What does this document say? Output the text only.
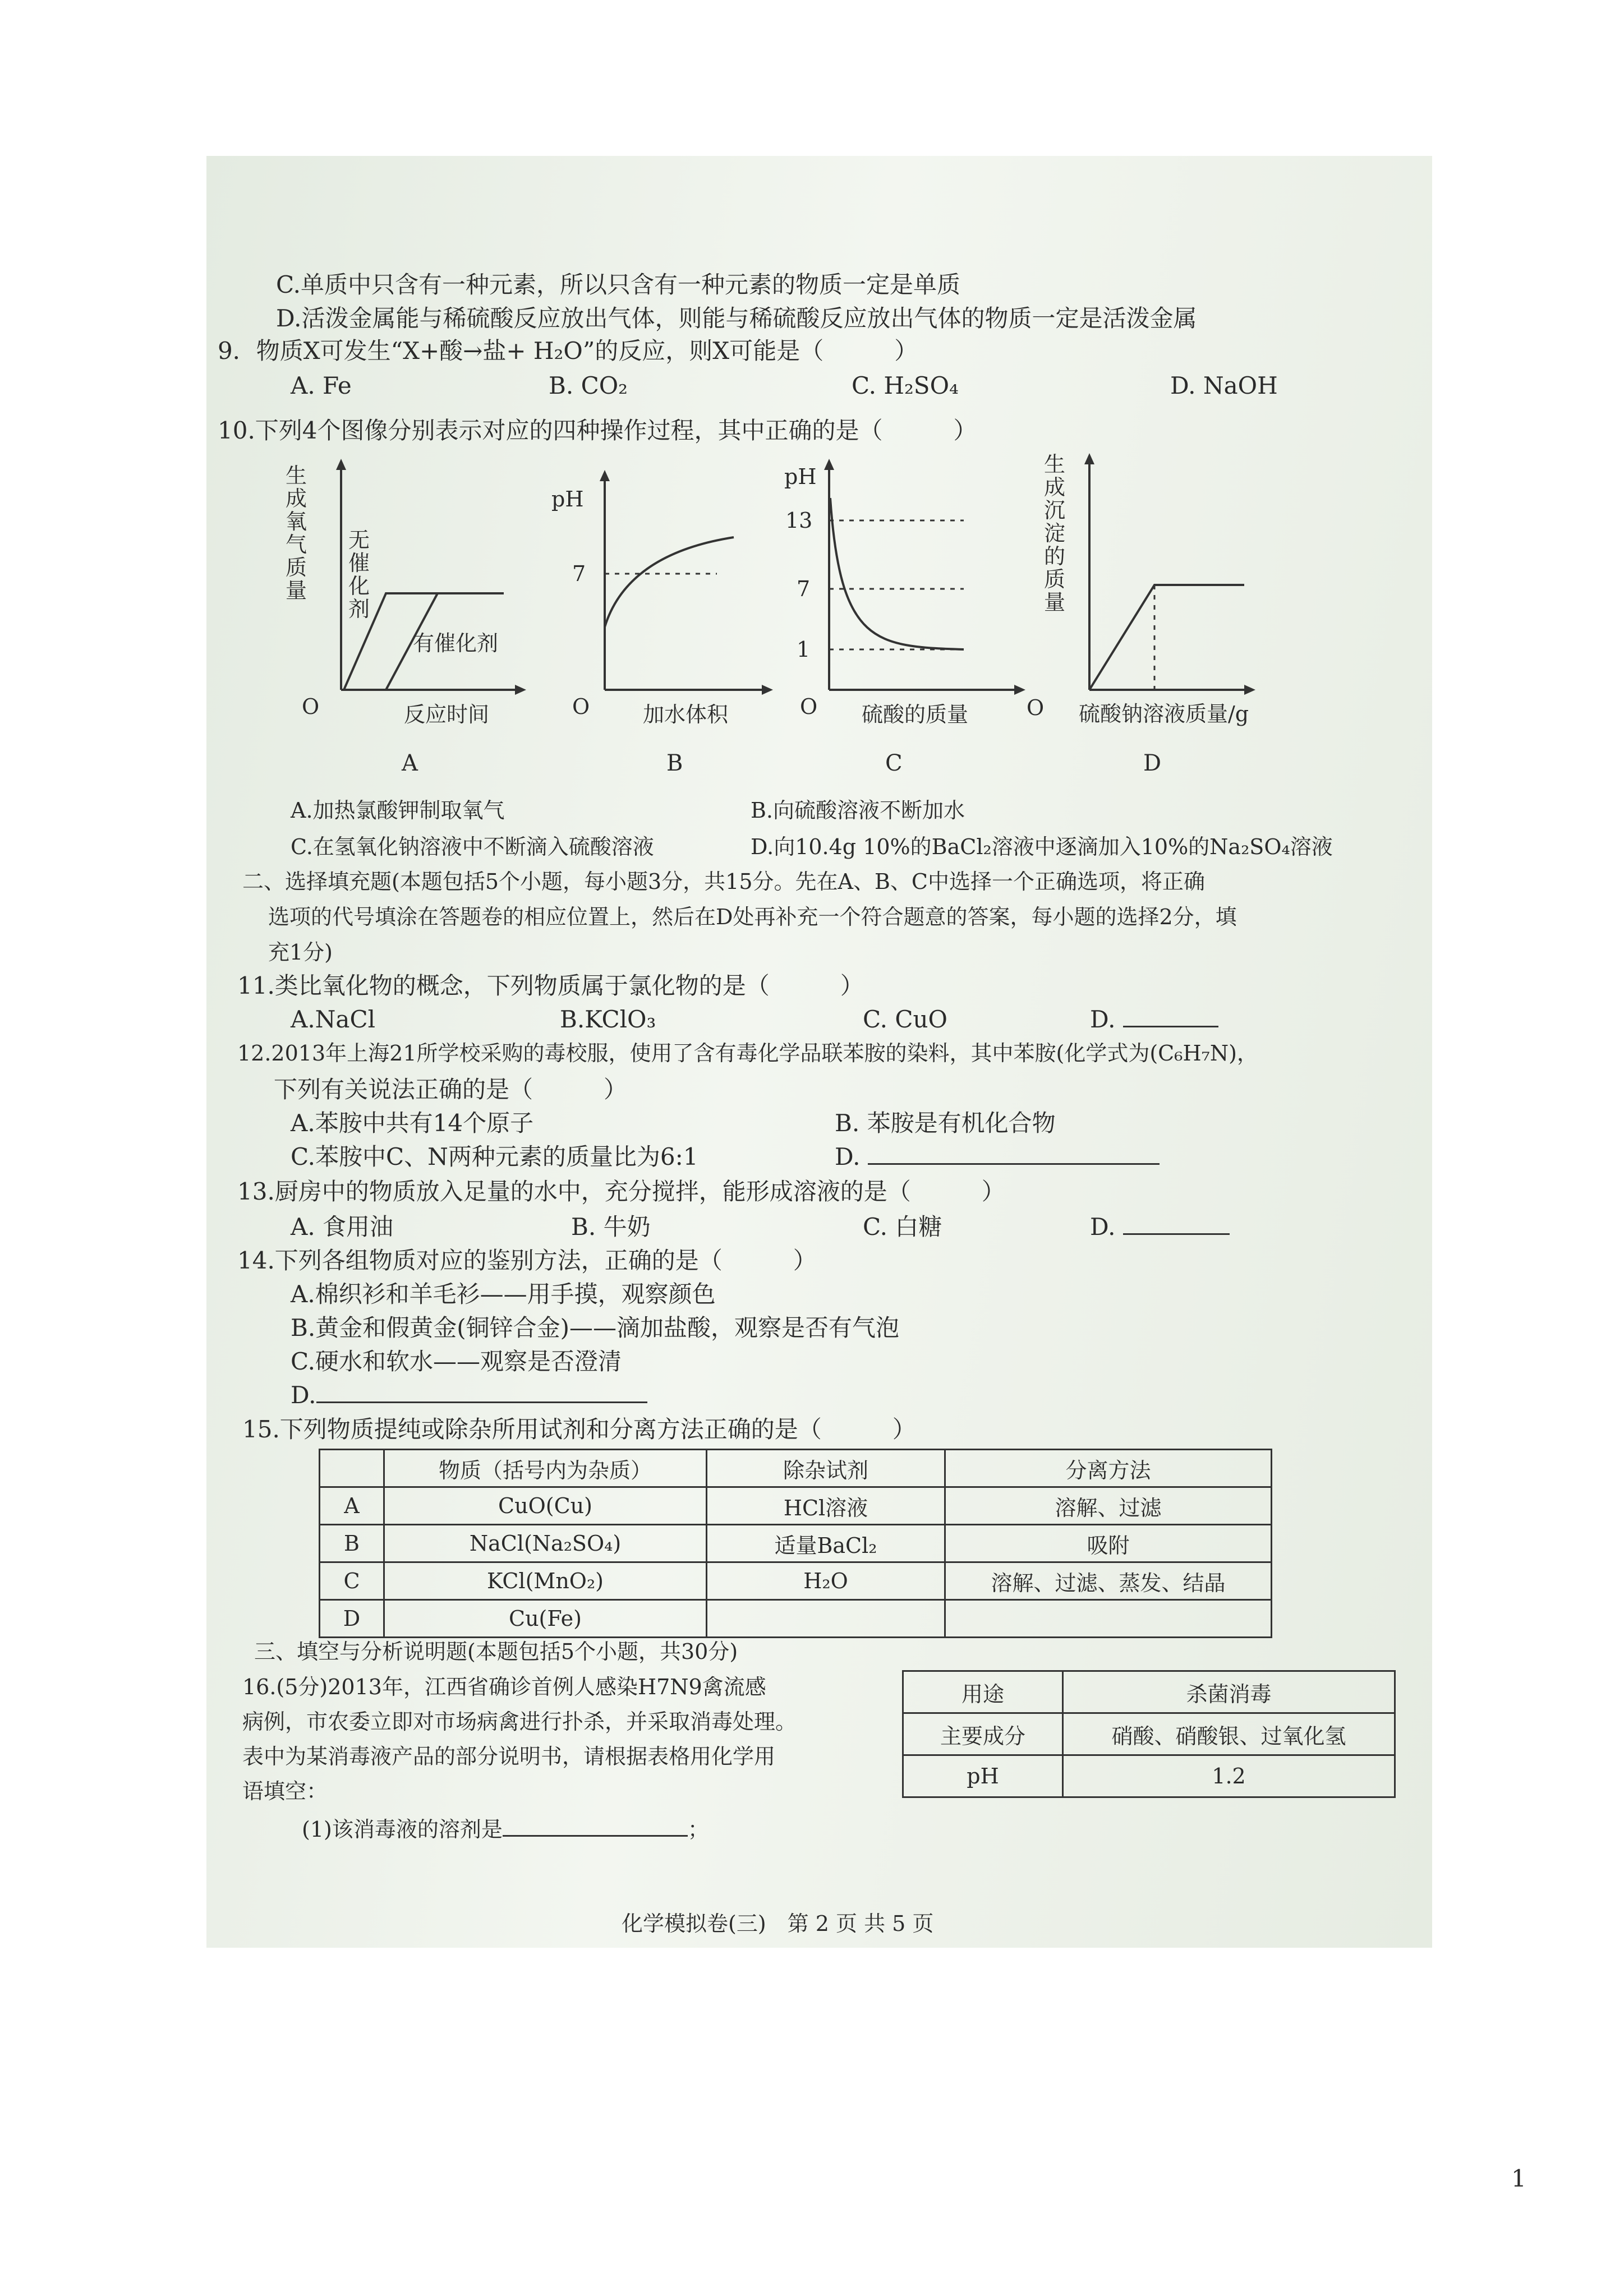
C.单质中只含有一种元素，所以只含有一种元素的物质一定是单质
D.活泼金属能与稀硫酸反应放出气体，则能与稀硫酸反应放出气体的物质一定是活泼金属
9．物质X可发生“X+酸→盐+ H₂O”的反应，则X可能是（　　　）
A. Fe	B. CO₂	C. H₂SO₄	D. NaOH
10.下列4个图像分别表示对应的四种操作过程，其中正确的是（　　　）
生成氧气质量
无催化剂
有催化剂
O	反应时间
A
pH
7
O 加水体积
B
pH
13
7
1
O 硫酸的质量
C
生成沉淀的质量
O 硫酸钠溶液质量/g
D
A.加热氯酸钾制取氧气	B.向硫酸溶液不断加水
C.在氢氧化钠溶液中不断滴入硫酸溶液	D.向10.4g 10%的BaCl₂溶液中逐滴加入10%的Na₂SO₄溶液
二、选择填充题(本题包括5个小题，每小题3分，共15分。先在A、B、C中选择一个正确选项，将正确
选项的代号填涂在答题卷的相应位置上，然后在D处再补充一个符合题意的答案，每小题的选择2分，填
充1分)
11.类比氧化物的概念，下列物质属于氯化物的是（　　　）
A.NaCl	B.KClO₃	C. CuO	D.
12.2013年上海21所学校采购的毒校服，使用了含有毒化学品联苯胺的染料，其中苯胺(化学式为(C₆H₇N)，
下列有关说法正确的是（　　　）
A.苯胺中共有14个原子	B. 苯胺是有机化合物
C.苯胺中C、N两种元素的质量比为6:1	D.
13.厨房中的物质放入足量的水中，充分搅拌，能形成溶液的是（　　　）
A. 食用油	B. 牛奶	C. 白糖	D.
14.下列各组物质对应的鉴别方法，正确的是（　　　）
A.棉织衫和羊毛衫——用手摸，观察颜色
B.黄金和假黄金(铜锌合金)——滴加盐酸，观察是否有气泡
C.硬水和软水——观察是否澄清
D.
15.下列物质提纯或除杂所用试剂和分离方法正确的是（　　　）
	物质（括号内为杂质）	除杂试剂	分离方法
A	CuO(Cu)	HCl溶液	溶解、过滤
B	NaCl(Na₂SO₄)	适量BaCl₂	吸附
C	KCl(MnO₂)	H₂O	溶解、过滤、蒸发、结晶
D	Cu(Fe)		
三、填空与分析说明题(本题包括5个小题，共30分)
16.(5分)2013年，江西省确诊首例人感染H7N9禽流感
病例，市农委立即对市场病禽进行扑杀，并采取消毒处理。
表中为某消毒液产品的部分说明书，请根据表格用化学用
语填空：
(1)该消毒液的溶剂是	；
用途	杀菌消毒
主要成分	硝酸、硝酸银、过氧化氢
pH	1.2
化学模拟卷(三)　第 2 页 共 5 页
1
